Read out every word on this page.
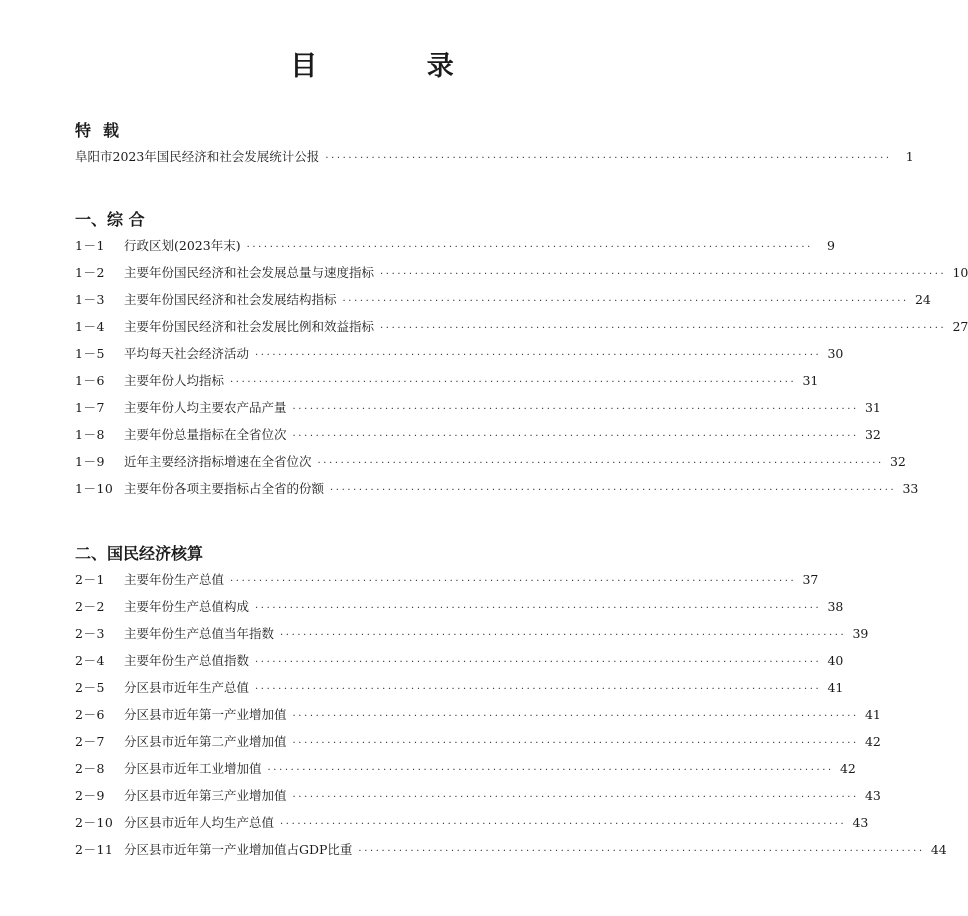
目 录
特载
阜阳市2023年国民经济和社会发展统计公报 ··································································································	1
一、综 合
1－1	行政区划(2023年末) ··································································································	9
1－2	主要年份国民经济和社会发展总量与速度指标 ·································································································· 10
1－3	主要年份国民经济和社会发展结构指标 ·································································································· 24
1－4	主要年份国民经济和社会发展比例和效益指标 ·································································································· 27
1－5	平均每天社会经济活动 ·································································································· 30
1－6	主要年份人均指标 ·································································································· 31
1－7	主要年份人均主要农产品产量 ·································································································· 31
1－8	主要年份总量指标在全省位次 ·································································································· 32
1－9	近年主要经济指标增速在全省位次 ·································································································· 32
1－10 主要年份各项主要指标占全省的份额 ·································································································· 33
二、国民经济核算
2－1	主要年份生产总值 ·································································································· 37
2－2	主要年份生产总值构成 ·································································································· 38
2－3	主要年份生产总值当年指数 ·································································································· 39
2－4	主要年份生产总值指数 ·································································································· 40
2－5	分区县市近年生产总值 ·································································································· 41
2－6	分区县市近年第一产业增加值 ·································································································· 41
2－7	分区县市近年第二产业增加值 ·································································································· 42
2－8	分区县市近年工业增加值 ·································································································· 42
2－9	分区县市近年第三产业增加值 ·································································································· 43
2－10 分区县市近年人均生产总值 ·································································································· 43
2－11 分区县市近年第一产业增加值占GDP比重 ·································································································· 44
